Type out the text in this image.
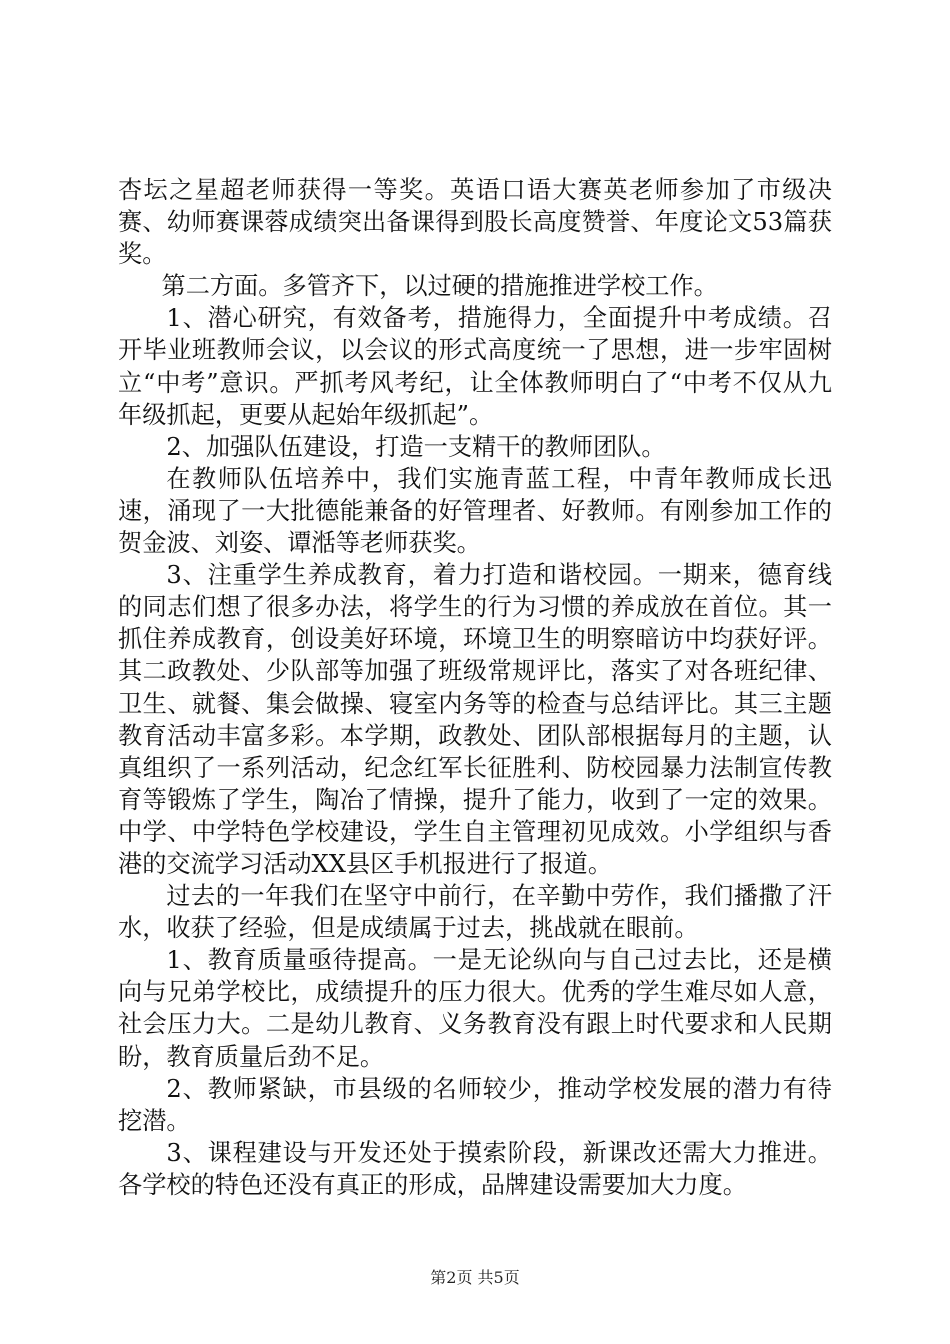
杏坛之星超老师获得一等奖。英语口语大赛英老师参加了市级决赛、幼师赛课蓉成绩突出备课得到股长高度赞誉、年度论文53篇获奖。

第二方面。多管齐下，以过硬的措施推进学校工作。

1、潜心研究，有效备考，措施得力，全面提升中考成绩。召开毕业班教师会议，以会议的形式高度统一了思想，进一步牢固树立“中考”意识。严抓考风考纪，让全体教师明白了“中考不仅从九年级抓起，更要从起始年级抓起”。

2、加强队伍建设，打造一支精干的教师团队。

在教师队伍培养中，我们实施青蓝工程，中青年教师成长迅速，涌现了一大批德能兼备的好管理者、好教师。有刚参加工作的贺金波、刘姿、谭湉等老师获奖。

3、注重学生养成教育，着力打造和谐校园。一期来，德育线的同志们想了很多办法，将学生的行为习惯的养成放在首位。其一抓住养成教育，创设美好环境，环境卫生的明察暗访中均获好评。其二政教处、少队部等加强了班级常规评比，落实了对各班纪律、卫生、就餐、集会做操、寝室内务等的检查与总结评比。其三主题教育活动丰富多彩。本学期，政教处、团队部根据每月的主题，认真组织了一系列活动，纪念红军长征胜利、防校园暴力法制宣传教育等锻炼了学生，陶冶了情操，提升了能力，收到了一定的效果。中学、中学特色学校建设，学生自主管理初见成效。小学组织与香港的交流学习活动XX县区手机报进行了报道。

过去的一年我们在坚守中前行，在辛勤中劳作，我们播撒了汗水，收获了经验，但是成绩属于过去，挑战就在眼前。

1、教育质量亟待提高。一是无论纵向与自己过去比，还是横向与兄弟学校比，成绩提升的压力很大。优秀的学生难尽如人意，社会压力大。二是幼儿教育、义务教育没有跟上时代要求和人民期盼，教育质量后劲不足。

2、教师紧缺，市县级的名师较少，推动学校发展的潜力有待挖潜。

3、课程建设与开发还处于摸索阶段，新课改还需大力推进。各学校的特色还没有真正的形成，品牌建设需要加大力度。

第2页 共5页
